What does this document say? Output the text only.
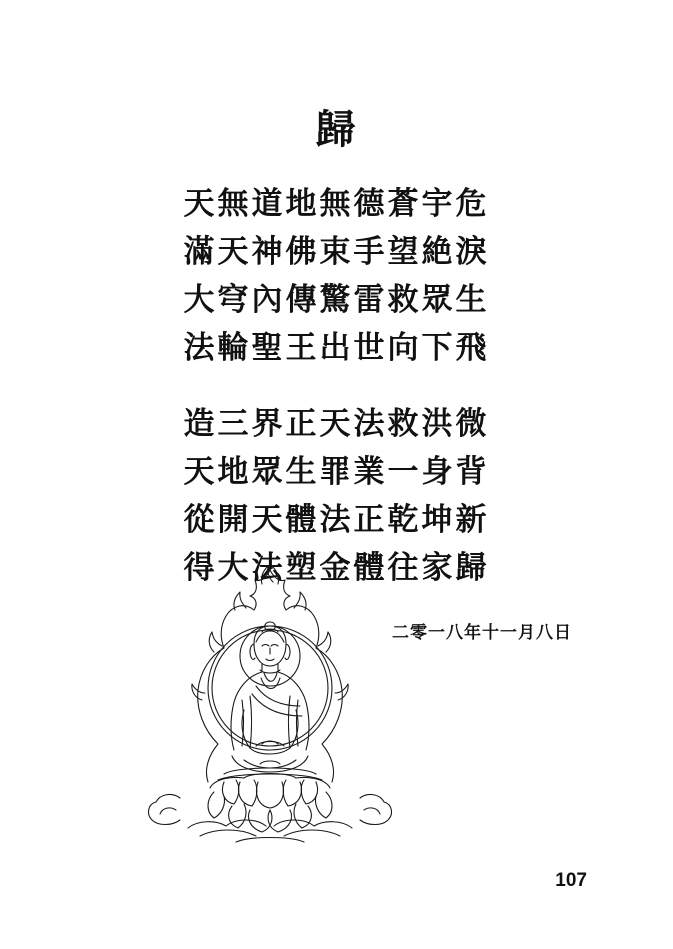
歸
天無道地無德蒼宇危
滿天神佛束手望絶淚
大穹內傳驚雷救眾生
法輪聖王出世向下飛
造三界正天法救洪微
天地眾生罪業一身背
從開天體法正乾坤新
得大法塑金體往家歸
二零一八年十一月八日
107
